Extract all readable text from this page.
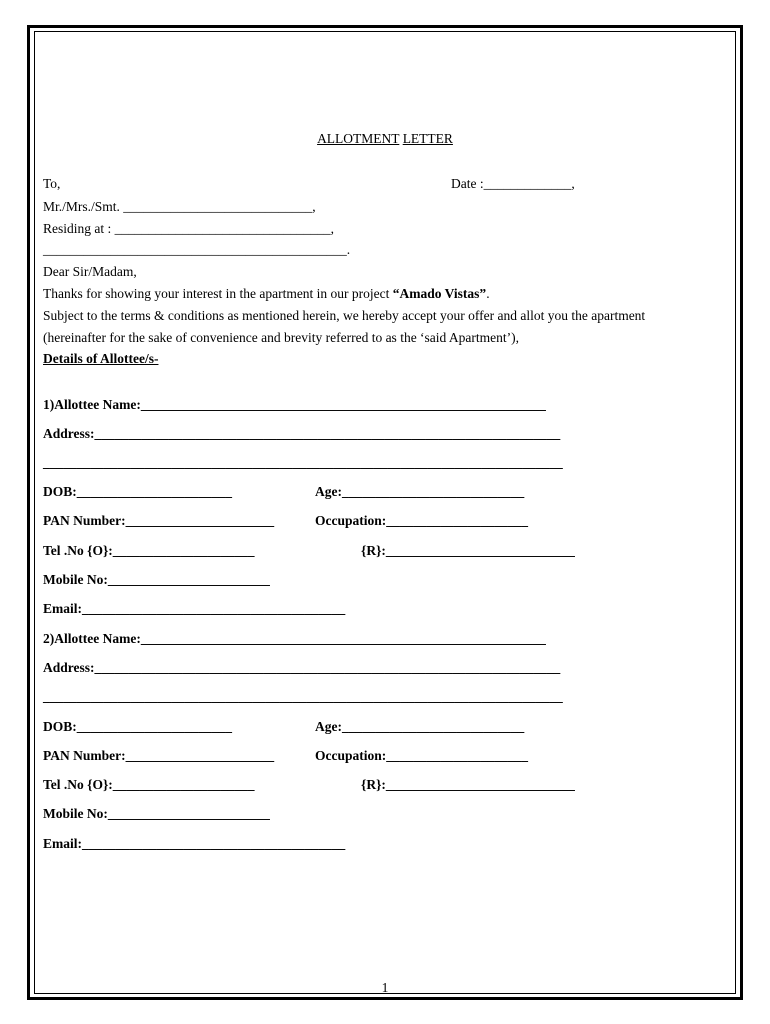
ALLOTMENT LETTER
To,	Date :_____________,
Mr./Mrs./Smt. ____________________________,
Residing at : ________________________________,
_____________________________________________.
Dear Sir/Madam,
Thanks for showing your interest in the apartment in our project “Amado Vistas”.
Subject to the terms & conditions as mentioned herein, we hereby accept your offer and allot you the apartment
(hereinafter for the sake of convenience and brevity referred to as the ‘said Apartment’),
Details of Allottee/s-
1)Allottee Name:____________________________________________________________
Address:_____________________________________________________________________
_____________________________________________________________________________
DOB:_______________________	Age:___________________________
PAN Number:______________________	Occupation:_____________________
Tel .No {O}:_____________________	{R}:____________________________
Mobile No:________________________
Email:_______________________________________
2)Allottee Name:____________________________________________________________
Address:_____________________________________________________________________
_____________________________________________________________________________
DOB:_______________________	Age:___________________________
PAN Number:______________________	Occupation:_____________________
Tel .No {O}:_____________________	{R}:____________________________
Mobile No:________________________
Email:_______________________________________
1
